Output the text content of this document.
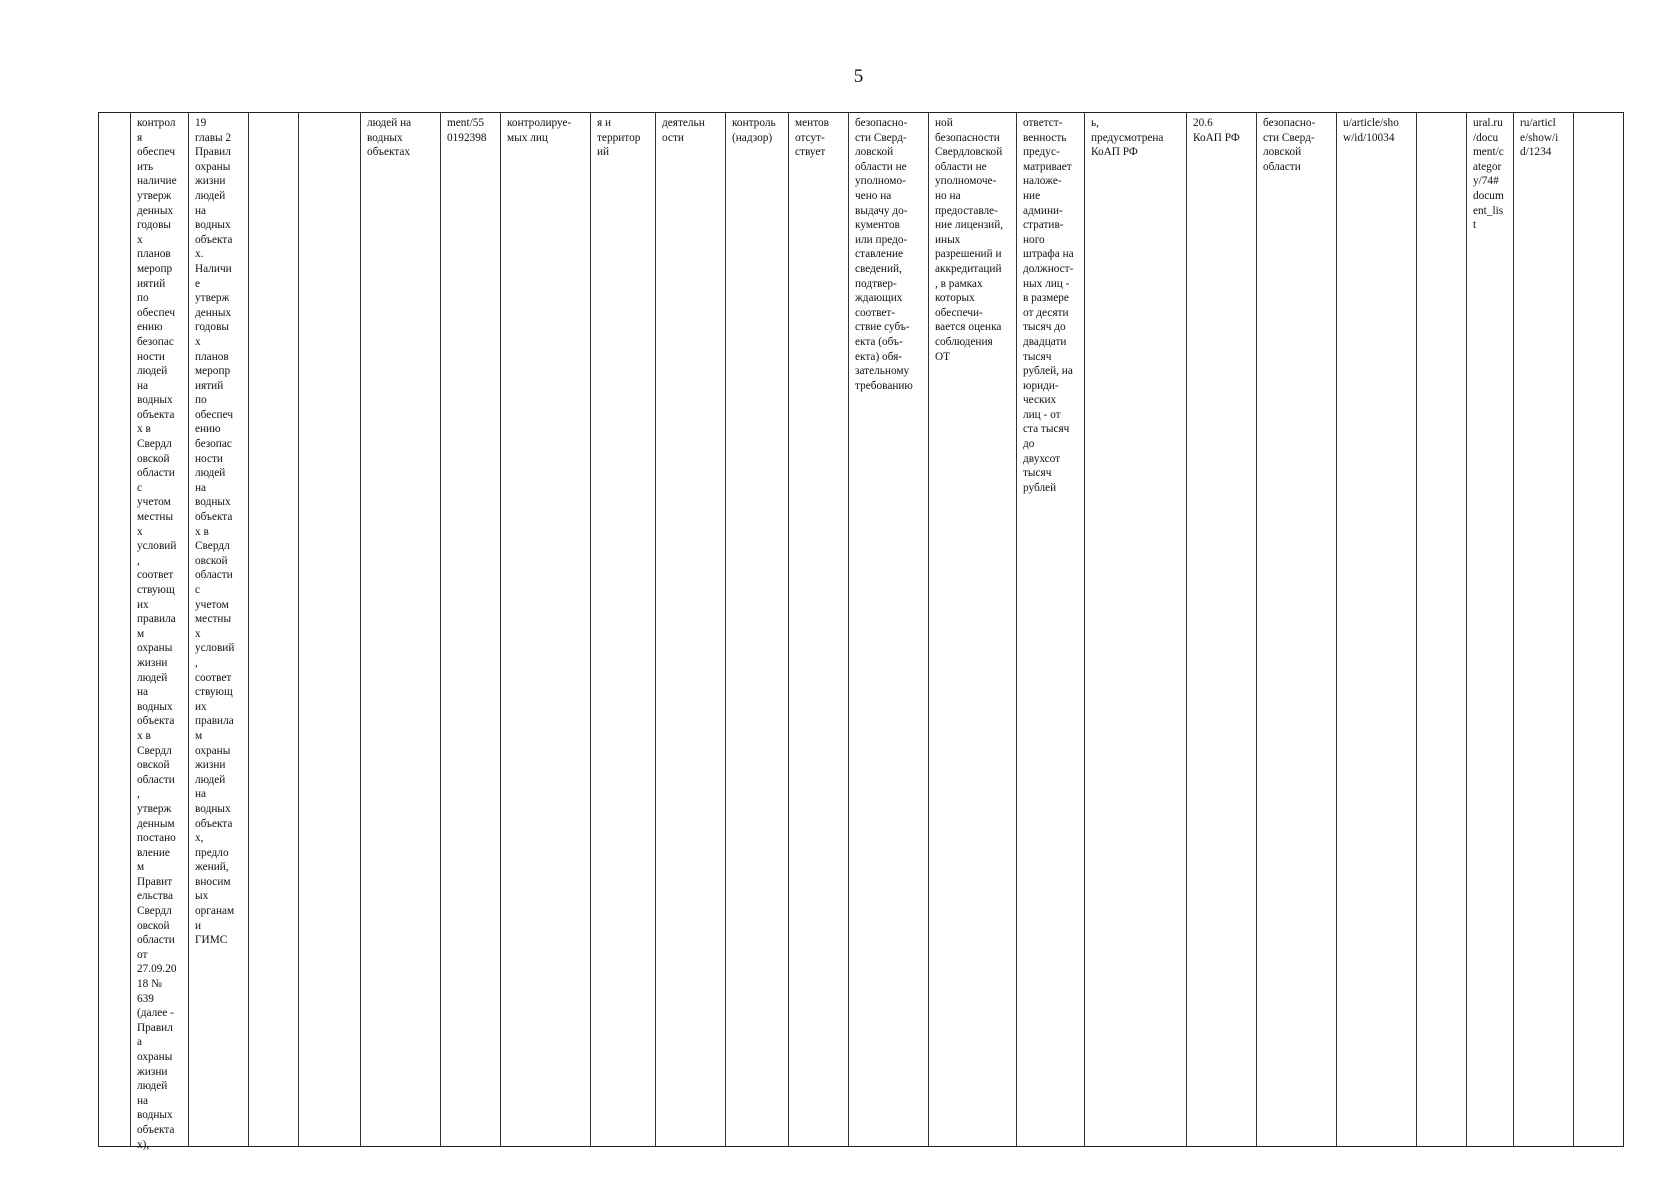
5
контрол
я
обеспеч
ить
наличие
утверж
денных
годовы
х
планов
меропр
иятий
по
обеспеч
ению
безопас
ности
людей
на
водных
объекта
х в
Свердл
овской
области
с
учетом
местны
х
условий
,
соответ
ствующ
их
правила
м
охраны
жизни
людей
на
водных
объекта
х в
Свердл
овской
области
,
утверж
денным
постано
вление
м
Правит
ельства
Свердл
овской
области
от
27.09.20
18 №
639
(далее -
Правил
а
охраны
жизни
людей
на
водных
объекта
х),
19
главы 2
Правил
охраны
жизни
людей
на
водных
объекта
х.
Наличи
е
утверж
денных
годовы
х
планов
меропр
иятий
по
обеспеч
ению
безопас
ности
людей
на
водных
объекта
х в
Свердл
овской
области
с
учетом
местны
х
условий
,
соответ
ствующ
их
правила
м
охраны
жизни
людей
на
водных
объекта
х,
предло
жений,
вносим
ых
органам
и
ГИМС
людей на
водных
объектах
ment/55
0192398
контролируе-
мых лиц
я и
территор
ий
деятельн
ости
контроль
(надзор)
ментов
отсут-
ствует
безопасно-
сти Сверд-
ловской
области не
уполномо-
чено на
выдачу до-
кументов
или предо-
ставление
сведений,
подтвер-
ждающих
соответ-
ствие субъ-
екта (объ-
екта) обя-
зательному
требованию
ной
безопасности
Свердловской
области не
уполномоче-
но на
предоставле-
ние лицензий,
иных
разрешений и
аккредитаций
, в рамках
которых
обеспечи-
вается оценка
соблюдения
ОТ
ответст-
венность
предус-
матривает
наложе-
ние
админи-
стратив-
ного
штрафа на
должност-
ных лиц -
в размере
от десяти
тысяч до
двадцати
тысяч
рублей, на
юриди-
ческих
лиц - от
ста тысяч
до
двухсот
тысяч
рублей
ь,
предусмотрена
КоАП РФ
20.6
КоАП РФ
безопасно-
сти Сверд-
ловской
области
u/article/sho
w/id/10034
ural.ru
/docu
ment/c
ategor
y/74#
docum
ent_lis
t
ru/articl
e/show/i
d/1234
